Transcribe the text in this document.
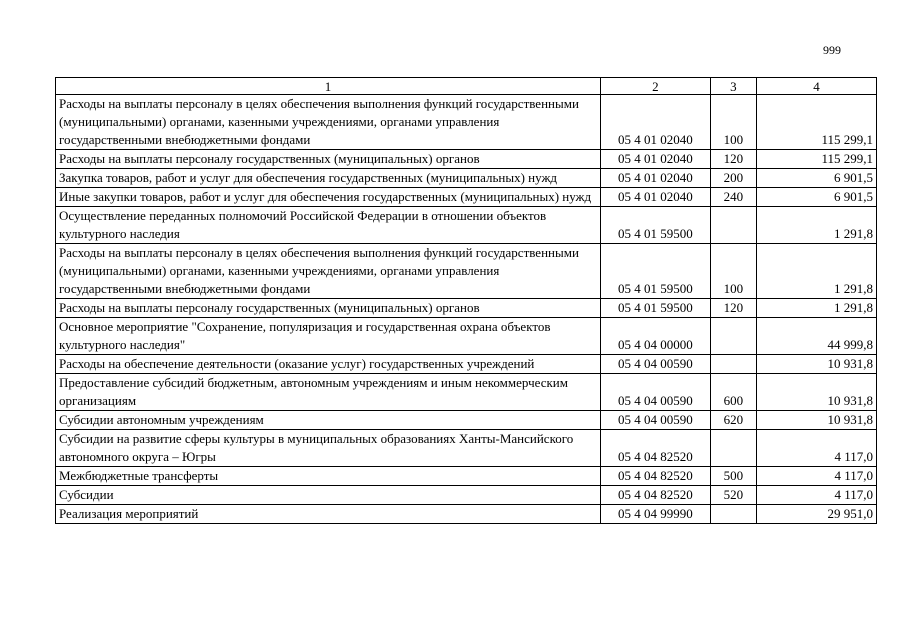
999
1	2	3	4
Расходы на выплаты персоналу в целях обеспечения выполнения функций государственными (муниципальными) органами, казенными учреждениями, органами управления государственными внебюджетными фондами	05 4 01 02040	100	115 299,1
Расходы на выплаты персоналу государственных (муниципальных) органов	05 4 01 02040	120	115 299,1
Закупка товаров, работ и услуг для обеспечения государственных (муниципальных) нужд	05 4 01 02040	200	6 901,5
Иные закупки товаров, работ и услуг для обеспечения государственных (муниципальных) нужд	05 4 01 02040	240	6 901,5
Осуществление переданных полномочий Российской Федерации в отношении объектов культурного наследия	05 4 01 59500		1 291,8
Расходы на выплаты персоналу в целях обеспечения выполнения функций государственными (муниципальными) органами, казенными учреждениями, органами управления государственными внебюджетными фондами	05 4 01 59500	100	1 291,8
Расходы на выплаты персоналу государственных (муниципальных) органов	05 4 01 59500	120	1 291,8
Основное мероприятие "Сохранение, популяризация и государственная охрана объектов культурного наследия"	05 4 04 00000		44 999,8
Расходы на обеспечение деятельности (оказание услуг) государственных учреждений	05 4 04 00590		10 931,8
Предоставление субсидий бюджетным, автономным учреждениям и иным некоммерческим организациям	05 4 04 00590	600	10 931,8
Субсидии автономным учреждениям	05 4 04 00590	620	10 931,8
Субсидии на развитие сферы культуры в муниципальных образованиях Ханты-Мансийского автономного округа – Югры	05 4 04 82520		4 117,0
Межбюджетные трансферты	05 4 04 82520	500	4 117,0
Субсидии	05 4 04 82520	520	4 117,0
Реализация мероприятий	05 4 04 99990		29 951,0
